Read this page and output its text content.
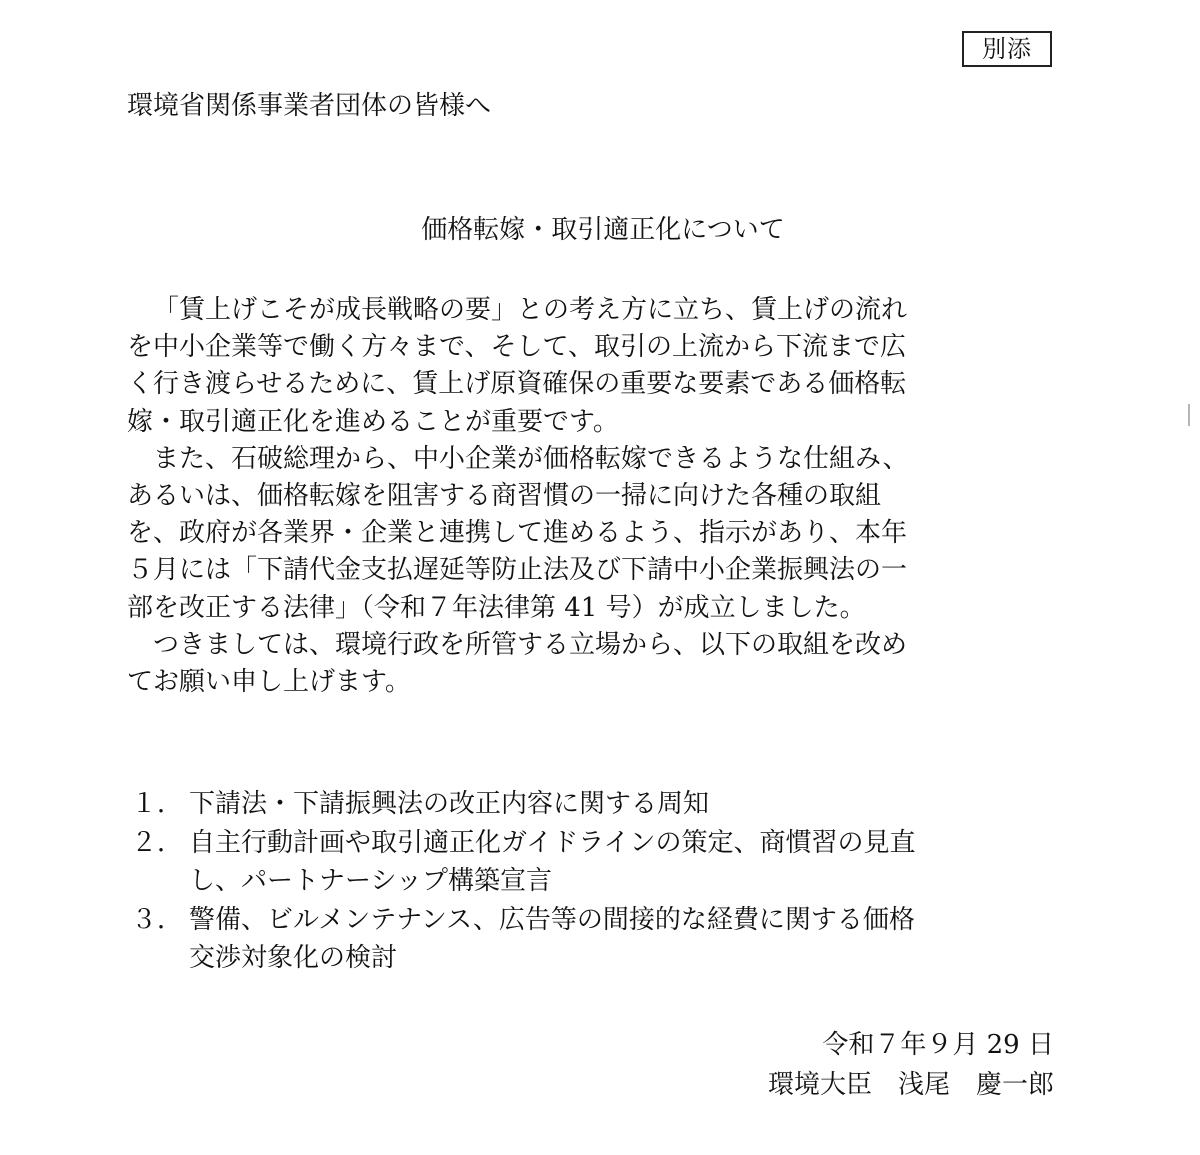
別添
環境省関係事業者団体の皆様へ
価格転嫁・取引適正化について
「賃上げこそが成長戦略の要」との考え方に立ち、賃上げの流れ
を中小企業等で働く方々まで、そして、取引の上流から下流まで広
く行き渡らせるために、賃上げ原資確保の重要な要素である価格転
嫁・取引適正化を進めることが重要です。
また、石破総理から、中小企業が価格転嫁できるような仕組み、
あるいは、価格転嫁を阻害する商習慣の一掃に向けた各種の取組
を、政府が各業界・企業と連携して進めるよう、指示があり、本年
５月には「下請代金支払遅延等防止法及び下請中小企業振興法の一
部を改正する法律」（令和７年法律第 41 号）が成立しました。
つきましては、環境行政を所管する立場から、以下の取組を改め
てお願い申し上げます。
１． 下請法・下請振興法の改正内容に関する周知
２． 自主行動計画や取引適正化ガイドラインの策定、商慣習の見直
し、パートナーシップ構築宣言
３． 警備、ビルメンテナンス、広告等の間接的な経費に関する価格
交渉対象化の検討
令和７年９月 29 日
環境大臣　浅尾　慶一郎
